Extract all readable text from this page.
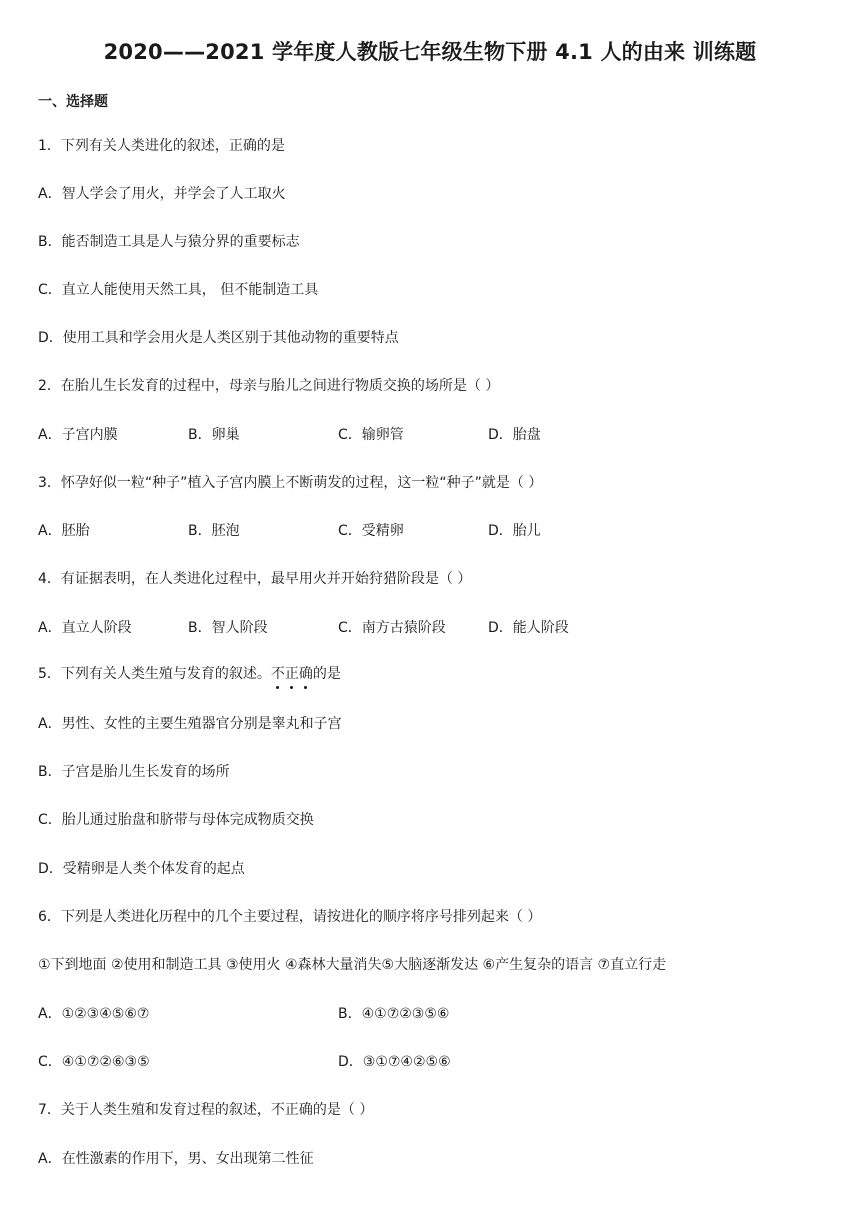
2020——2021 学年度人教版七年级生物下册 4.1 人的由来 训练题
一、选择题
1．下列有关人类进化的叙述，正确的是
A．智人学会了用火，并学会了人工取火
B．能否制造工具是人与猿分界的重要标志
C．直立人能使用天然工具， 但不能制造工具
D．使用工具和学会用火是人类区别于其他动物的重要特点
2．在胎儿生长发育的过程中，母亲与胎儿之间进行物质交换的场所是（ ）
A．子宫内膜	B．卵巢	C．输卵管	D．胎盘
3．怀孕好似一粒“种子”植入子宫内膜上不断萌发的过程，这一粒“种子”就是（ ）
A．胚胎	B．胚泡	C．受精卵	D．胎儿
4．有证据表明，在人类进化过程中，最早用火并开始狩猎阶段是（ ）
A．直立人阶段	B．智人阶段	C．南方古猿阶段	D．能人阶段
5．下列有关人类生殖与发育的叙述。不正确的是
A．男性、女性的主要生殖器官分别是睾丸和子宫
B．子宫是胎儿生长发育的场所
C．胎儿通过胎盘和脐带与母体完成物质交换
D．受精卵是人类个体发育的起点
6．下列是人类进化历程中的几个主要过程，请按进化的顺序将序号排列起来（ ）
①下到地面 ②使用和制造工具 ③使用火 ④森林大量消失⑤大脑逐渐发达 ⑥产生复杂的语言 ⑦直立行走
A．①②③④⑤⑥⑦	B．④①⑦②③⑤⑥
C．④①⑦②⑥③⑤	D．③①⑦④②⑤⑥
7．关于人类生殖和发育过程的叙述，不正确的是（ ）
A．在性激素的作用下，男、女出现第二性征
